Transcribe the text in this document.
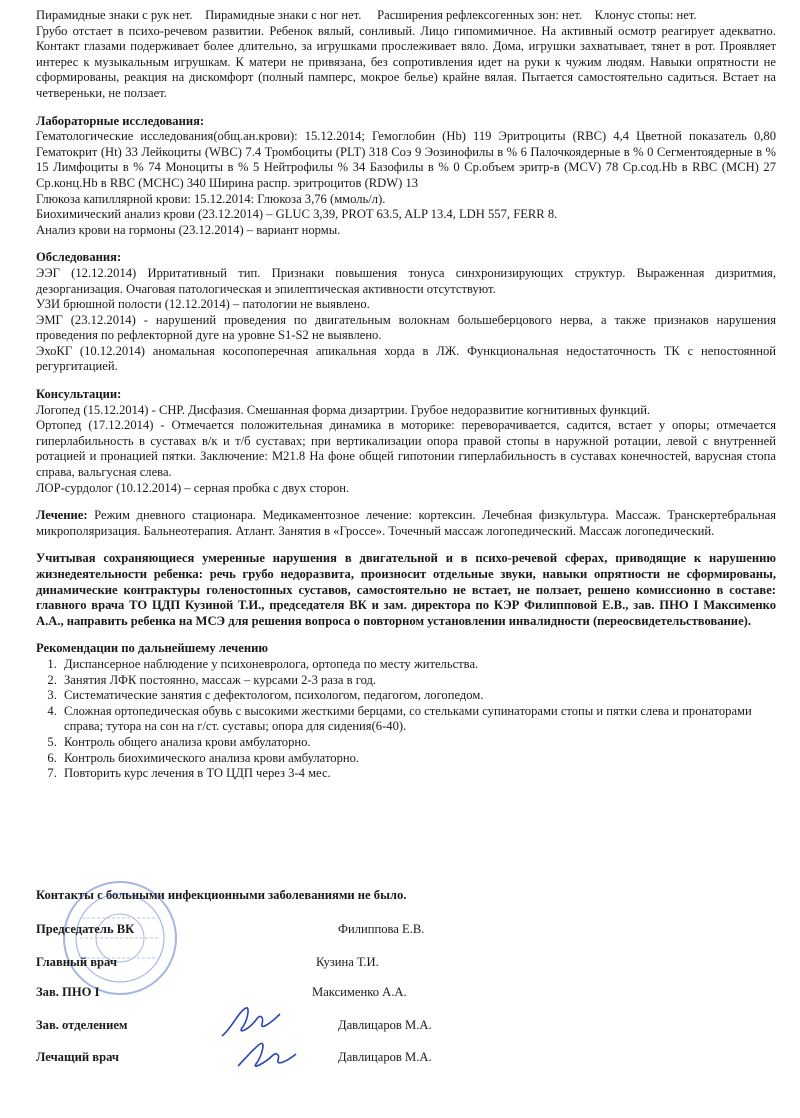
Пирамидные знаки с рук нет.    Пирамидные знаки с ног нет.     Расширения рефлексогенных зон: нет.    Клонус стопы: нет.

Грубо отстает в психо-речевом развитии. Ребенок вялый, сонливый. Лицо гипомимичное. На активный осмотр реагирует адекватно. Контакт глазами подерживает более длительно, за игрушками прослеживает вяло. Дома, игрушки захватывает, тянет в рот. Проявляет интерес к музыкальным игрушкам. К матери не привязана, без сопротивления идет на руки к чужим людям. Навыки опрятности не сформированы, реакция на дискомфорт (полный памперс, мокрое белье) крайне вялая. Пытается самостоятельно садиться. Встает на четвереньки, не ползает.

Лабораторные исследования:

Гематологические исследования(общ.ан.крови): 15.12.2014; Гемоглобин (Hb) 119 Эритроциты (RBC) 4,4 Цветной показатель 0,80 Гематокрит (Ht) 33 Лейкоциты (WBC) 7.4 Тромбоциты (PLT) 318 Соэ 9 Эозинофилы в % 6 Палочкоядерные в % 0 Сегментоядерные в % 15 Лимфоциты в % 74 Моноциты в % 5 Нейтрофилы % 34 Базофилы в % 0 Ср.объем эритр-в (MCV) 78 Ср.сод.Hb в RBC (MCH) 27 Ср.конц.Hb в RBC (MCHC) 340 Ширина распр. эритроцитов (RDW) 13

Глюкоза капиллярной крови: 15.12.2014: Глюкоза 3,76 (ммоль/л).

Биохимический анализ крови (23.12.2014) – GLUC 3,39, PROT 63.5, ALP 13.4, LDH 557, FERR 8.

Анализ крови на гормоны (23.12.2014) – вариант нормы.

Обследования:

ЭЭГ (12.12.2014) Ирритативный тип. Признаки повышения тонуса синхронизирующих структур. Выраженная дизритмия, дезорганизация. Очаговая патологическая и эпилептическая активности отсутствуют.

УЗИ брюшной полости (12.12.2014) – патологии не выявлено.

ЭМГ (23.12.2014) - нарушений проведения по двигательным волокнам большеберцового нерва, а также признаков нарушения проведения по рефлекторной дуге на уровне S1-S2 не выявлено.

ЭхоКГ (10.12.2014) аномальная косопоперечная апикальная хорда в ЛЖ. Функциональная недостаточность ТК с непостоянной регургитацией.

Консультации:

Логопед (15.12.2014) - СНР. Дисфазия. Смешанная форма дизартрии. Грубое недоразвитие когнитивных функций.

Ортопед (17.12.2014) - Отмечается положительная динамика в моторике: переворачивается, садится, встает у опоры; отмечается гиперлабильность в суставах в/к и т/б суставах; при вертикализации опора правой стопы в наружной ротации, левой с внутренней ротацией и пронацией пятки. Заключение: М21.8 На фоне общей гипотонии гиперлабильность в суставах конечностей, варусная стопа справа, вальгусная слева.

ЛОР-сурдолог (10.12.2014) – серная пробка с двух сторон.

Лечение: Режим дневного стационара. Медикаментозное лечение: кортексин. Лечебная физкультура. Массаж. Транскертебральная микрополяризация. Бальнеотерапия. Атлант. Занятия в «Гроссе». Точечный массаж логопедический. Массаж логопедический.

Учитывая сохраняющиеся умеренные нарушения в двигательной и в психо-речевой сферах, приводящие к нарушению жизнедеятельности ребенка: речь грубо недоразвита, произносит отдельные звуки, навыки опрятности не сформированы, динамические контрактуры голеностопных суставов, самостоятельно не встает, не ползает, решено комиссионно в составе: главного врача ТО ЦДП Кузиной Т.И., председателя ВК и зам. директора по КЭР Филипповой Е.В., зав. ПНО I Максименко А.А., направить ребенка на МСЭ для решения вопроса о повторном установлении инвалидности (переосвидетельствование).

Рекомендации по дальнейшему лечению

1. Диспансерное наблюдение у психоневролога, ортопеда по месту жительства.
2. Занятия ЛФК постоянно, массаж – курсами 2-3 раза в год.
3. Систематические занятия с дефектологом, психологом, педагогом, логопедом.
4. Сложная ортопедическая обувь с высокими жесткими берцами, со стельками супинаторами стопы и пятки слева и пронаторами справа; тутора на сон на г/ст. суставы; опора для сидения(6-40).
5. Контроль общего анализа крови амбулаторно.
6. Контроль биохимического анализа крови амбулаторно.
7. Повторить курс лечения в ТО ЦДП через 3-4 мес.

Контакты с больными инфекционными заболеваниями не было.

Председатель ВК	Филиппова Е.В.
Главный врач	Кузина Т.И.
Зав. ПНО I	Максименко А.А.
Зав. отделением	Давлицаров М.А.
Лечащий врач	Давлицаров М.А.
